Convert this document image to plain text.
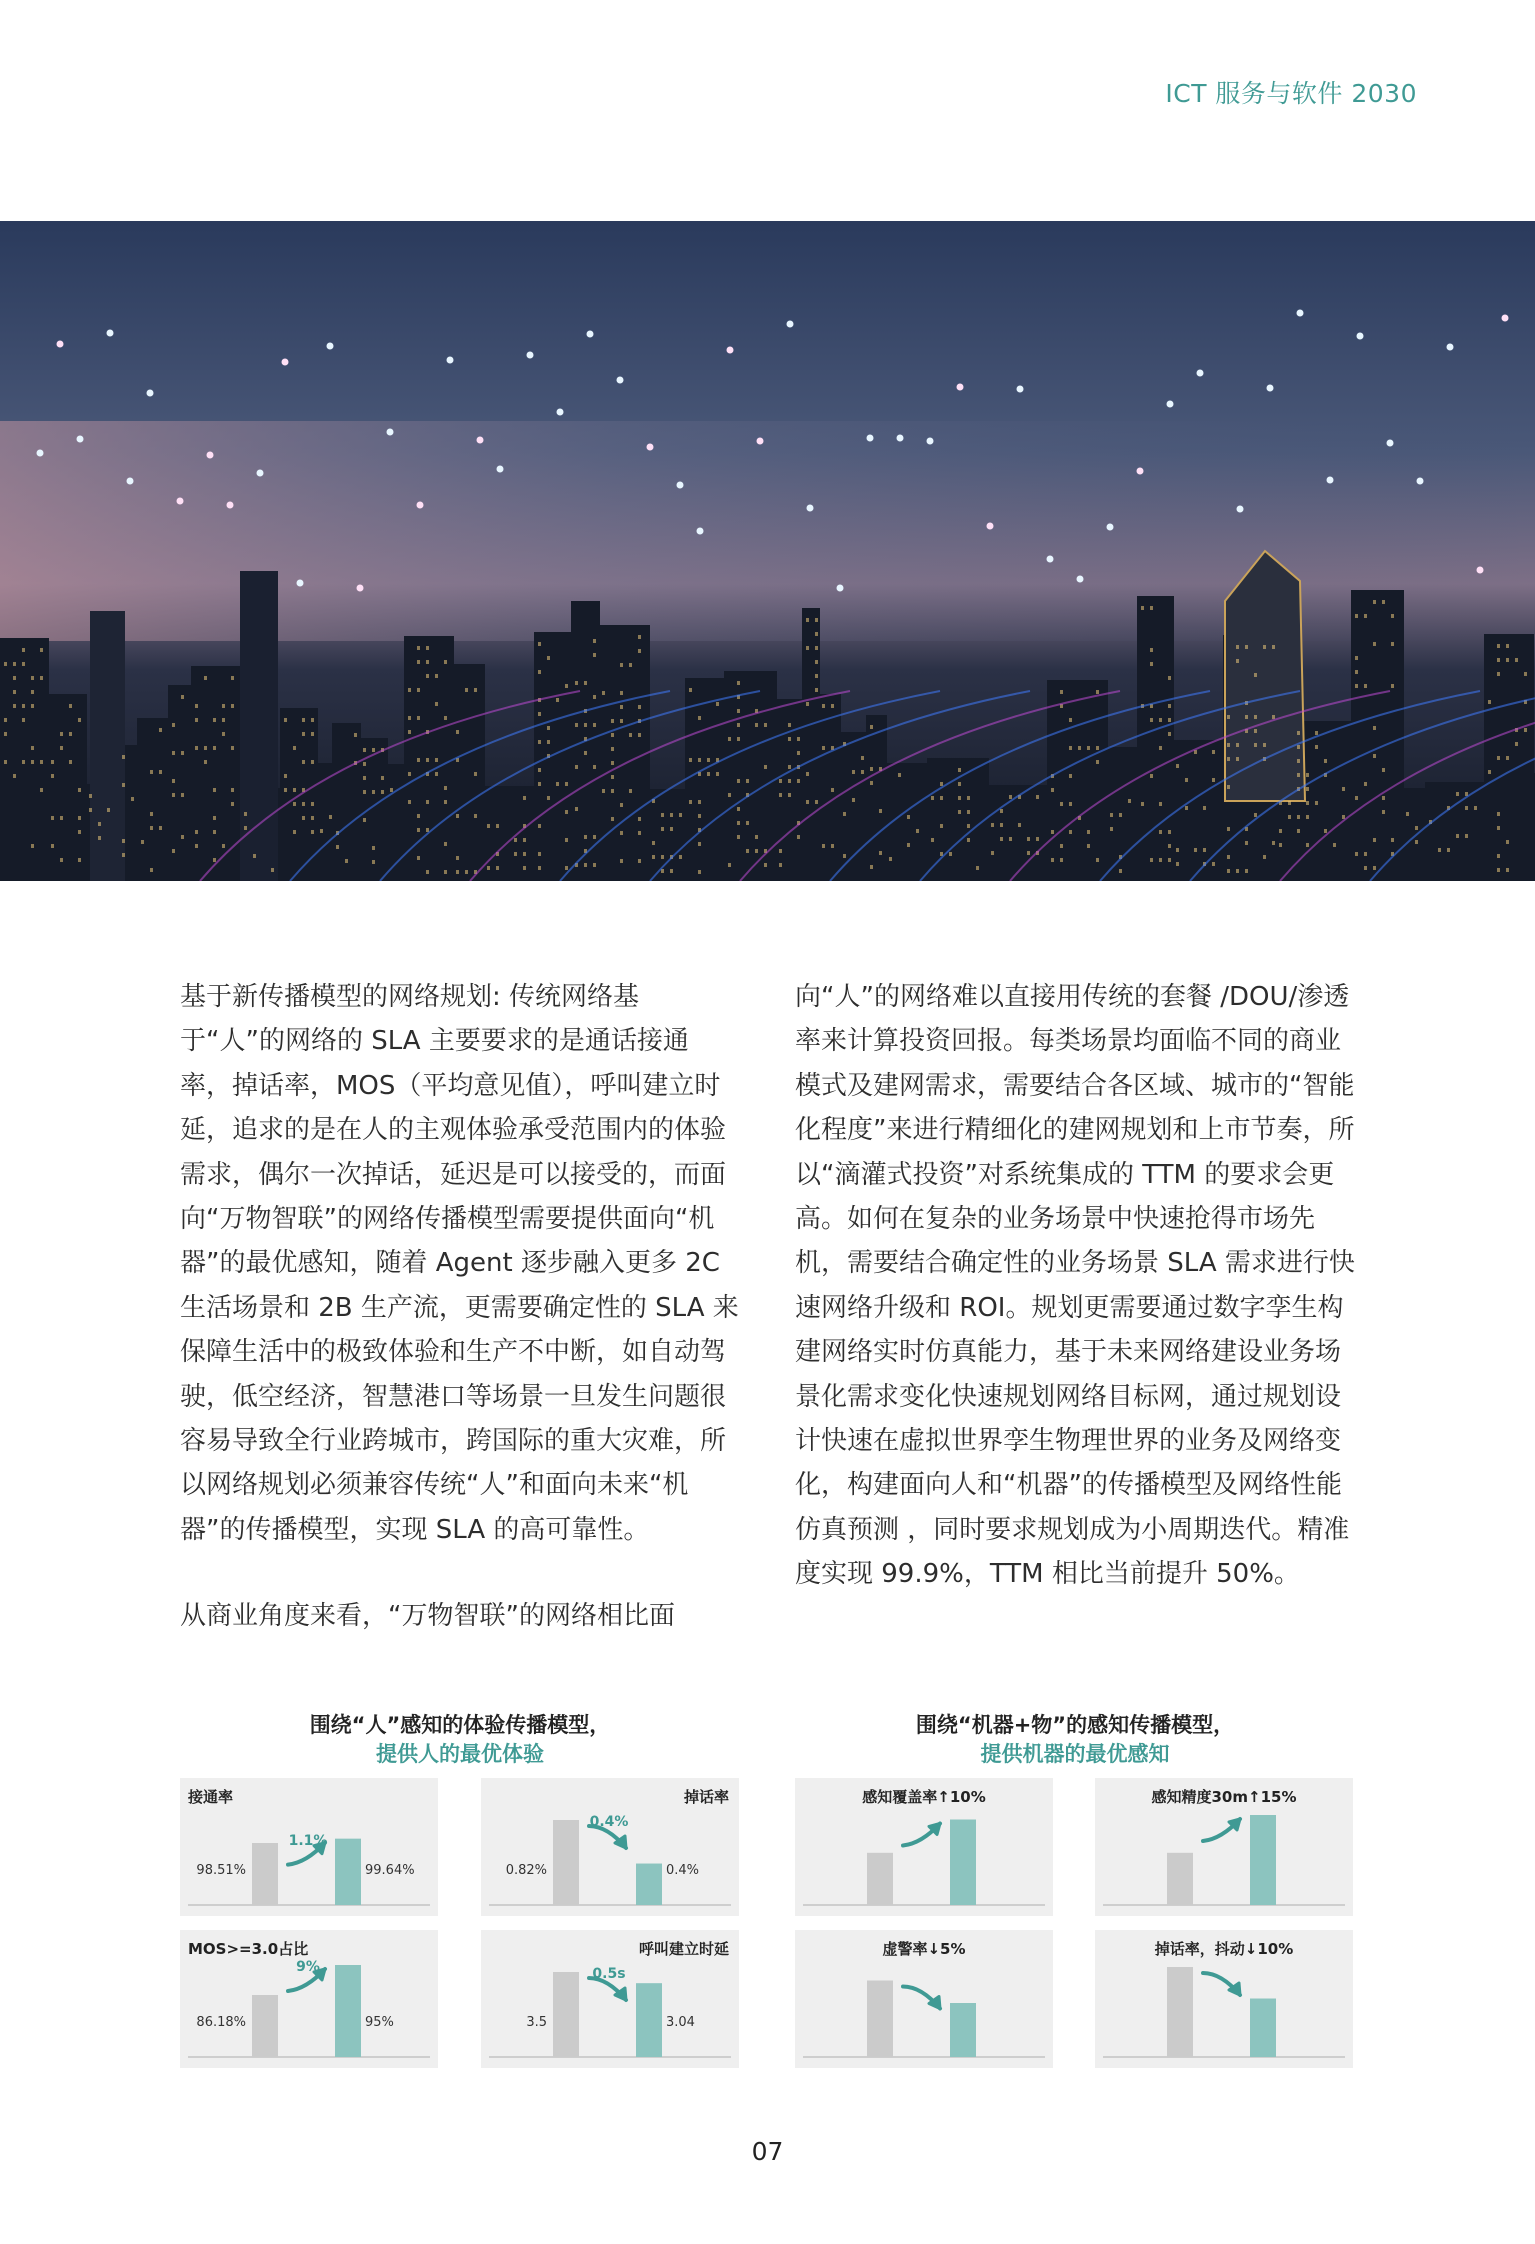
ICT 服务与软件 2030

基于新传播模型的网络规划: 传统网络基于“人”的网络的 SLA 主要要求的是通话接通率，掉话率，MOS（平均意见值），呼叫建立时延，追求的是在人的主观体验承受范围内的体验需求，偶尔一次掉话，延迟是可以接受的，而面向“万物智联”的网络传播模型需要提供面向“机器”的最优感知，随着 Agent 逐步融入更多 2C 生活场景和 2B 生产流，更需要确定性的 SLA 来保障生活中的极致体验和生产不中断，如自动驾驶，低空经济，智慧港口等场景一旦发生问题很容易导致全行业跨城市，跨国际的重大灾难，所以网络规划必须兼容传统“人”和面向未来“机器”的传播模型，实现 SLA 的高可靠性。

从商业角度来看，“万物智联”的网络相比面

向“人”的网络难以直接用传统的套餐 /DOU/渗透率来计算投资回报。每类场景均面临不同的商业模式及建网需求，需要结合各区域、城市的“智能化程度”来进行精细化的建网规划和上市节奏，所以“滴灌式投资”对系统集成的 TTM 的要求会更高。如何在复杂的业务场景中快速抢得市场先机，需要结合确定性的业务场景 SLA 需求进行快速网络升级和 ROI。规划更需要通过数字孪生构建网络实时仿真能力，基于未来网络建设业务场景化需求变化快速规划网络目标网，通过规划设计快速在虚拟世界孪生物理世界的业务及网络变化，构建面向人和“机器”的传播模型及网络性能仿真预测 ，同时要求规划成为小周期迭代。精准度实现 99.9%，TTM 相比当前提升 50%。

围绕“人”感知的体验传播模型，
提供人的最优体验
围绕“机器+物”的感知传播模型，
提供机器的最优感知
接通率
98.51%	99.64%
1.1%
掉话率
0.82%	0.4%
0.4%
MOS>=3.0占比
86.18%	95%
9%
呼叫建立时延
3.5	3.04
0.5s
感知覆盖率↑10%	感知精度30m↑15%
虚警率↓5%	掉话率，抖动↓10%
07
